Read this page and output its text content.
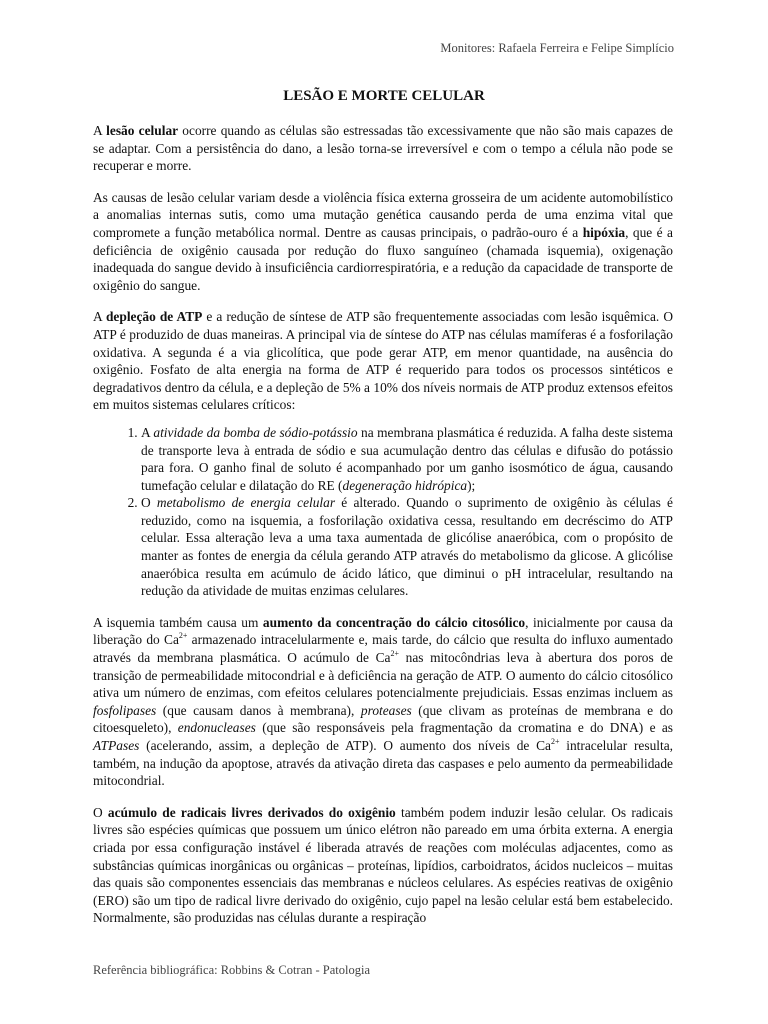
Monitores: Rafaela Ferreira e Felipe Simplício
LESÃO E MORTE CELULAR

A lesão celular ocorre quando as células são estressadas tão excessivamente que não são mais capazes de se adaptar. Com a persistência do dano, a lesão torna-se irreversível e com o tempo a célula não pode se recuperar e morre.

As causas de lesão celular variam desde a violência física externa grosseira de um acidente automobilístico a anomalias internas sutis, como uma mutação genética causando perda de uma enzima vital que compromete a função metabólica normal. Dentre as causas principais, o padrão-ouro é a hipóxia, que é a deficiência de oxigênio causada por redução do fluxo sanguíneo (chamada isquemia), oxigenação inadequada do sangue devido à insuficiência cardiorrespiratória, e a redução da capacidade de transporte de oxigênio do sangue.

A depleção de ATP e a redução de síntese de ATP são frequentemente associadas com lesão isquêmica. O ATP é produzido de duas maneiras. A principal via de síntese do ATP nas células mamíferas é a fosforilação oxidativa. A segunda é a via glicolítica, que pode gerar ATP, em menor quantidade, na ausência do oxigênio. Fosfato de alta energia na forma de ATP é requerido para todos os processos sintéticos e degradativos dentro da célula, e a depleção de 5% a 10% dos níveis normais de ATP produz extensos efeitos em muitos sistemas celulares críticos:

1. A atividade da bomba de sódio-potássio na membrana plasmática é reduzida. A falha deste sistema de transporte leva à entrada de sódio e sua acumulação dentro das células e difusão do potássio para fora. O ganho final de soluto é acompanhado por um ganho isosmótico de água, causando tumefação celular e dilatação do RE (degeneração hidrópica);
2. O metabolismo de energia celular é alterado. Quando o suprimento de oxigênio às células é reduzido, como na isquemia, a fosforilação oxidativa cessa, resultando em decréscimo do ATP celular. Essa alteração leva a uma taxa aumentada de glicólise anaeróbica, com o propósito de manter as fontes de energia da célula gerando ATP através do metabolismo da glicose. A glicólise anaeróbica resulta em acúmulo de ácido lático, que diminui o pH intracelular, resultando na redução da atividade de muitas enzimas celulares.

A isquemia também causa um aumento da concentração do cálcio citosólico, inicialmente por causa da liberação do $Ca^{2+}$ armazenado intracelularmente e, mais tarde, do cálcio que resulta do influxo aumentado através da membrana plasmática. O acúmulo de $Ca^{2+}$ nas mitocôndrias leva à abertura dos poros de transição de permeabilidade mitocondrial e à deficiência na geração de ATP. O aumento do cálcio citosólico ativa um número de enzimas, com efeitos celulares potencialmente prejudiciais. Essas enzimas incluem as fosfolipases (que causam danos à membrana), proteases (que clivam as proteínas de membrana e do citoesqueleto), endonucleases (que são responsáveis pela fragmentação da cromatina e do DNA) e as ATPases (acelerando, assim, a depleção de ATP). O aumento dos níveis de $Ca^{2+}$ intracelular resulta, também, na indução da apoptose, através da ativação direta das caspases e pelo aumento da permeabilidade mitocondrial.

O acúmulo de radicais livres derivados do oxigênio também podem induzir lesão celular. Os radicais livres são espécies químicas que possuem um único elétron não pareado em uma órbita externa. A energia criada por essa configuração instável é liberada através de reações com moléculas adjacentes, como as substâncias químicas inorgânicas ou orgânicas – proteínas, lipídios, carboidratos, ácidos nucleicos – muitas das quais são componentes essenciais das membranas e núcleos celulares. As espécies reativas de oxigênio (ERO) são um tipo de radical livre derivado do oxigênio, cujo papel na lesão celular está bem estabelecido. Normalmente, são produzidas nas células durante a respiração

Referência bibliográfica: Robbins & Cotran - Patologia
